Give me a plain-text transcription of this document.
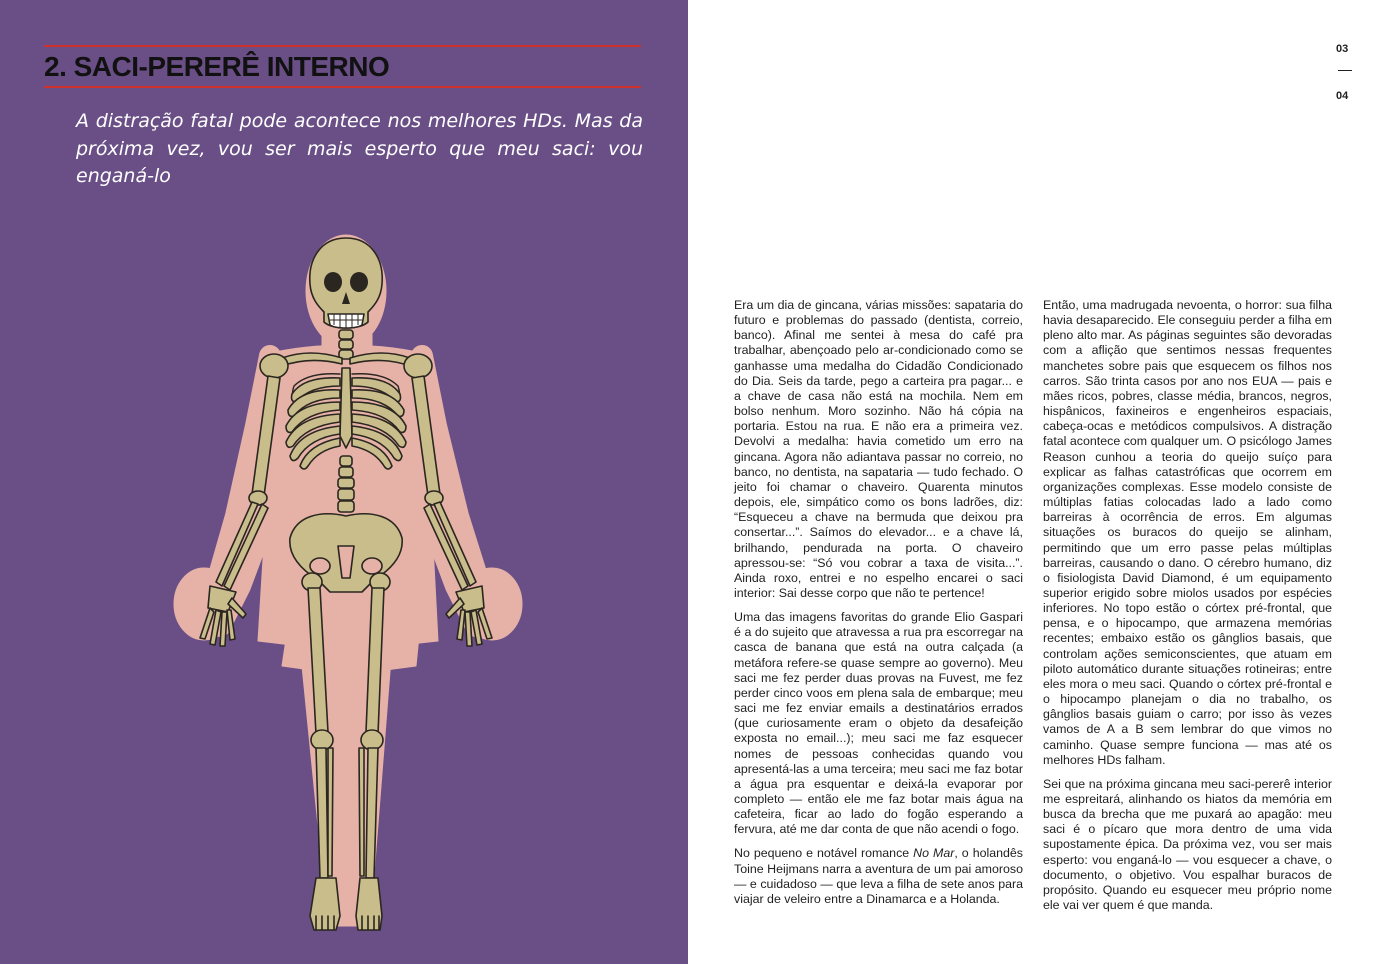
2. SACI-PERERÊ INTERNO

A distração fatal pode acontece nos melhores HDs. Mas da próxima vez, vou ser mais esperto que meu saci: vou enganá-lo

03
04

Era um dia de gincana, várias missões: sapataria do futuro e problemas do passado (dentista, correio, banco). Afinal me sentei à mesa do café pra trabalhar, abençoado pelo ar-condicionado como se ganhasse uma medalha do Cidadão Condicionado do Dia. Seis da tarde, pego a carteira pra pagar... e a chave de casa não está na mochila. Nem em bolso nenhum. Moro sozinho. Não há cópia na portaria. Estou na rua. E não era a primeira vez. Devolvi a medalha: havia cometido um erro na gincana. Agora não adiantava passar no correio, no banco, no dentista, na sapataria — tudo fechado. O jeito foi chamar o chaveiro. Quarenta minutos depois, ele, simpático como os bons ladrões, diz: “Esqueceu a chave na bermuda que deixou pra consertar...”. Saímos do elevador... e a chave lá, brilhando, pendurada na porta. O chaveiro apressou-se: “Só vou cobrar a taxa de visita...”. Ainda roxo, entrei e no espelho encarei o saci interior: Sai desse corpo que não te pertence!

Uma das imagens favoritas do grande Elio Gaspari é a do sujeito que atravessa a rua pra escorregar na casca de banana que está na outra calçada (a metáfora refere-se quase sempre ao governo). Meu saci me fez perder duas provas na Fuvest, me fez perder cinco voos em plena sala de embarque; meu saci me fez enviar emails a destinatários errados (que curiosamente eram o objeto da desafeição exposta no email...); meu saci me faz esquecer nomes de pessoas conhecidas quando vou apresentá-las a uma terceira; meu saci me faz botar a água pra esquentar e deixá-la evaporar por completo — então ele me faz botar mais água na cafeteira, ficar ao lado do fogão esperando a fervura, até me dar conta de que não acendi o fogo.

No pequeno e notável romance No Mar, o holandês Toine Heijmans narra a aventura de um pai amoroso — e cuidadoso — que leva a filha de sete anos para viajar de veleiro entre a Dinamarca e a Holanda.

Então, uma madrugada nevoenta, o horror: sua filha havia desaparecido. Ele conseguiu perder a filha em pleno alto mar. As páginas seguintes são devoradas com a aflição que sentimos nessas frequentes manchetes sobre pais que esquecem os filhos nos carros. São trinta casos por ano nos EUA — pais e mães ricos, pobres, classe média, brancos, negros, hispânicos, faxineiros e engenheiros espaciais, cabeça-ocas e metódicos compulsivos. A distração fatal acontece com qualquer um. O psicólogo James Reason cunhou a teoria do queijo suíço para explicar as falhas catastróficas que ocorrem em organizações complexas. Esse modelo consiste de múltiplas fatias colocadas lado a lado como barreiras à ocorrência de erros. Em algumas situações os buracos do queijo se alinham, permitindo que um erro passe pelas múltiplas barreiras, causando o dano. O cérebro humano, diz o fisiologista David Diamond, é um equipamento superior erigido sobre miolos usados por espécies inferiores. No topo estão o córtex pré-frontal, que pensa, e o hipocampo, que armazena memórias recentes; embaixo estão os gânglios basais, que controlam ações semiconscientes, que atuam em piloto automático durante situações rotineiras; entre eles mora o meu saci. Quando o córtex pré-frontal e o hipocampo planejam o dia no trabalho, os gânglios basais guiam o carro; por isso às vezes vamos de A a B sem lembrar do que vimos no caminho. Quase sempre funciona — mas até os melhores HDs falham.

Sei que na próxima gincana meu saci-pererê interior me espreitará, alinhando os hiatos da memória em busca da brecha que me puxará ao apagão: meu saci é o pícaro que mora dentro de uma vida supostamente épica. Da próxima vez, vou ser mais esperto: vou enganá-lo — vou esquecer a chave, o documento, o objetivo. Vou espalhar buracos de propósito. Quando eu esquecer meu próprio nome ele vai ver quem é que manda.
